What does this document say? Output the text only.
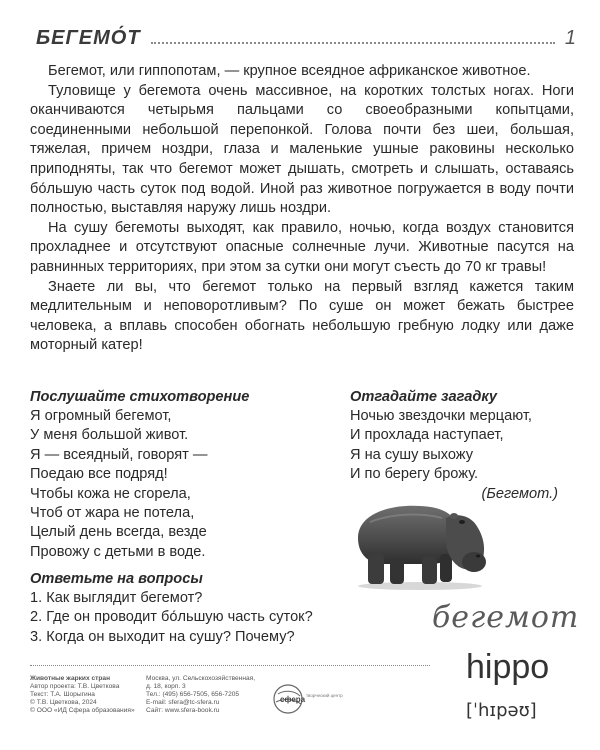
БЕГЕМО́Т	1

Бегемот, или гиппопотам, — крупное всеядное африканское животное.

Туловище у бегемота очень массивное, на коротких толстых ногах. Ноги оканчиваются четырьмя пальцами со своеобразными копытцами, соединенными небольшой перепонкой. Голова почти без шеи, большая, тяжелая, причем ноздри, глаза и маленькие ушные раковины несколько приподняты, так что бегемот может дышать, смотреть и слышать, оставаясь бо́льшую часть суток под водой. Иной раз животное погружается в воду почти полностью, выставляя наружу лишь ноздри.

На сушу бегемоты выходят, как правило, ночью, когда воздух становится прохладнее и отсутствуют опасные солнечные лучи. Животные пасутся на равнинных территориях, при этом за сутки они могут съесть до 70 кг травы!

Знаете ли вы, что бегемот только на первый взгляд кажется таким медлительным и неповоротливым? По суше он может бежать быстрее человека, а вплавь способен обогнать небольшую гребную лодку или даже моторный катер!

Послушайте стихотворение
Я огромный бегемот,
У меня большой живот.
Я — всеядный, говорят —
Поедаю все подряд!
Чтобы кожа не сгорела,
Чтоб от жара не потела,
Целый день всегда, везде
Провожу с детьми в воде.
Отгадайте загадку
Ночью звездочки мерцают,
И прохлада наступает,
Я на сушу выхожу
И по берегу брожу.
(Бегемот.)
Ответьте на вопросы
1. Как выглядит бегемот?
2. Где он проводит бо́льшую часть суток?
3. Когда он выходит на сушу? Почему?
бегемот
hippo
[ˈhɪpəʊ]
Животные жарких стран
Автор проекта: Т.В. Цветкова
Текст: Т.А. Шорыгина
© Т.В. Цветкова, 2024
© ООО «ИД Сфера образования»
Москва, ул. Сельскохозяйственная,
д. 18, корп. 3
Тел.: (495) 656-7505, 656-7205
E-mail: sfera@tc-sfera.ru
Сайт: www.sfera-book.ru
сфера творческий центр
